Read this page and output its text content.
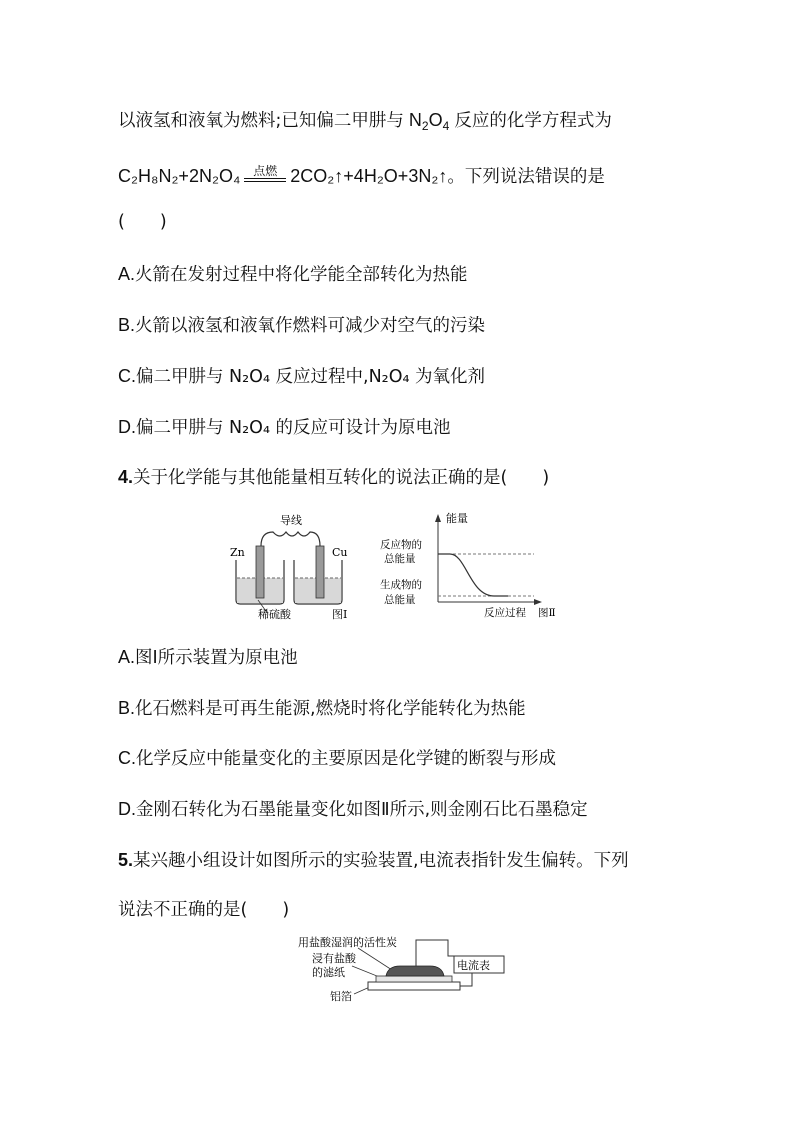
以液氢和液氧为燃料;已知偏二甲肼与 $N_2O_4$ 反应的化学方程式为
C₂H₈N₂+2N₂O₄	点燃 2CO₂↑+4H₂O+3N₂↑。下列说法错误的是
(　　)
A.火箭在发射过程中将化学能全部转化为热能
B.火箭以液氢和液氧作燃料可减少对空气的污染
C.偏二甲肼与 N₂O₄ 反应过程中,N₂O₄ 为氧化剂
D.偏二甲肼与 N₂O₄ 的反应可设计为原电池
4.关于化学能与其他能量相互转化的说法正确的是(　　)
导线
Zn	Cu
稀硫酸	图Ⅰ
能量
反应物的
总能量
生成物的
总能量
反应过程 图Ⅱ
A.图Ⅰ所示装置为原电池
B.化石燃料是可再生能源,燃烧时将化学能转化为热能
C.化学反应中能量变化的主要原因是化学键的断裂与形成
D.金刚石转化为石墨能量变化如图Ⅱ所示,则金刚石比石墨稳定
5.某兴趣小组设计如图所示的实验装置,电流表指针发生偏转。下列
说法不正确的是(　　)
用盐酸湿润的活性炭
浸有盐酸
的滤纸
铝箔
电流表
